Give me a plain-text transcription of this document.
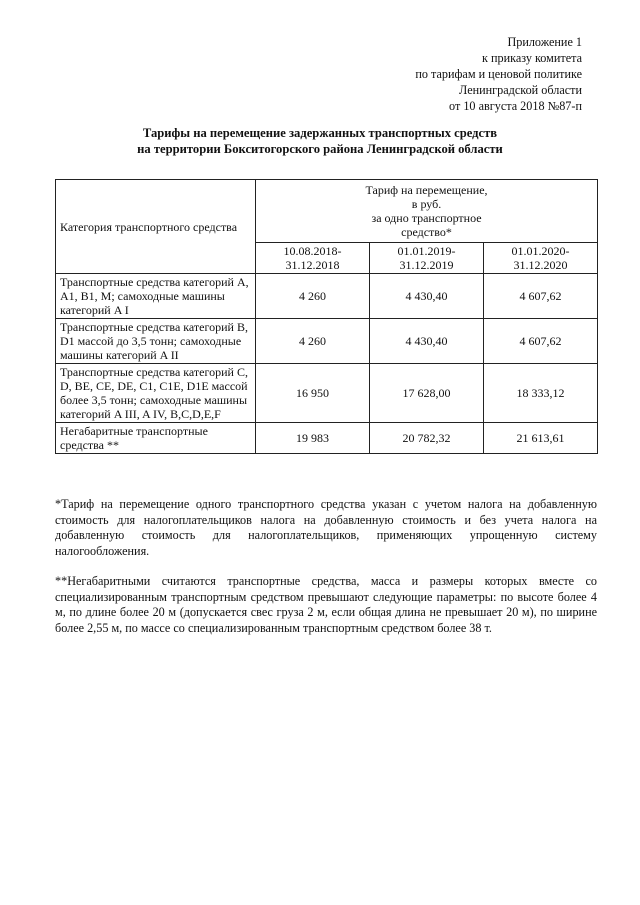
Приложение 1
к приказу комитета
по тарифам и ценовой политике
Ленинградской области
от 10 августа 2018 №87-п
Тарифы на перемещение задержанных транспортных средств
на территории Бокситогорского района Ленинградской области
Категория транспортного средства	Тариф на перемещение,
в руб.
за одно транспортное
средство*		

	10.08.2018-31.12.2018	01.01.2019-31.12.2019	01.01.2020-31.12.2020
Транспортные средства категорий A, A1, B1, M; самоходные машины категорий A I	4 260	4 430,40	4 607,62
Транспортные средства категорий B, D1 массой до 3,5 тонн; самоходные машины категорий A II	4 260	4 430,40	4 607,62
Транспортные средства категорий C, D, BE, CE, DE, C1, C1E, D1E массой более 3,5 тонн; самоходные машины категорий A III, A IV, B,C,D,E,F	16 950	17 628,00	18 333,12
Негабаритные транспортные средства **	19 983	20 782,32	21 613,61

*Тариф на перемещение одного транспортного средства указан с учетом налога на добавленную стоимость для налогоплательщиков налога на добавленную стоимость и без учета налога на добавленную стоимость для налогоплательщиков, применяющих упрощенную систему налогообложения.

**Негабаритными считаются транспортные средства, масса и размеры которых вместе со специализированным транспортным средством превышают следующие параметры: по высоте более 4 м, по длине более 20 м (допускается свес груза 2 м, если общая длина не превышает 20 м), по ширине более 2,55 м, по массе со специализированным транспортным средством более 38 т.
